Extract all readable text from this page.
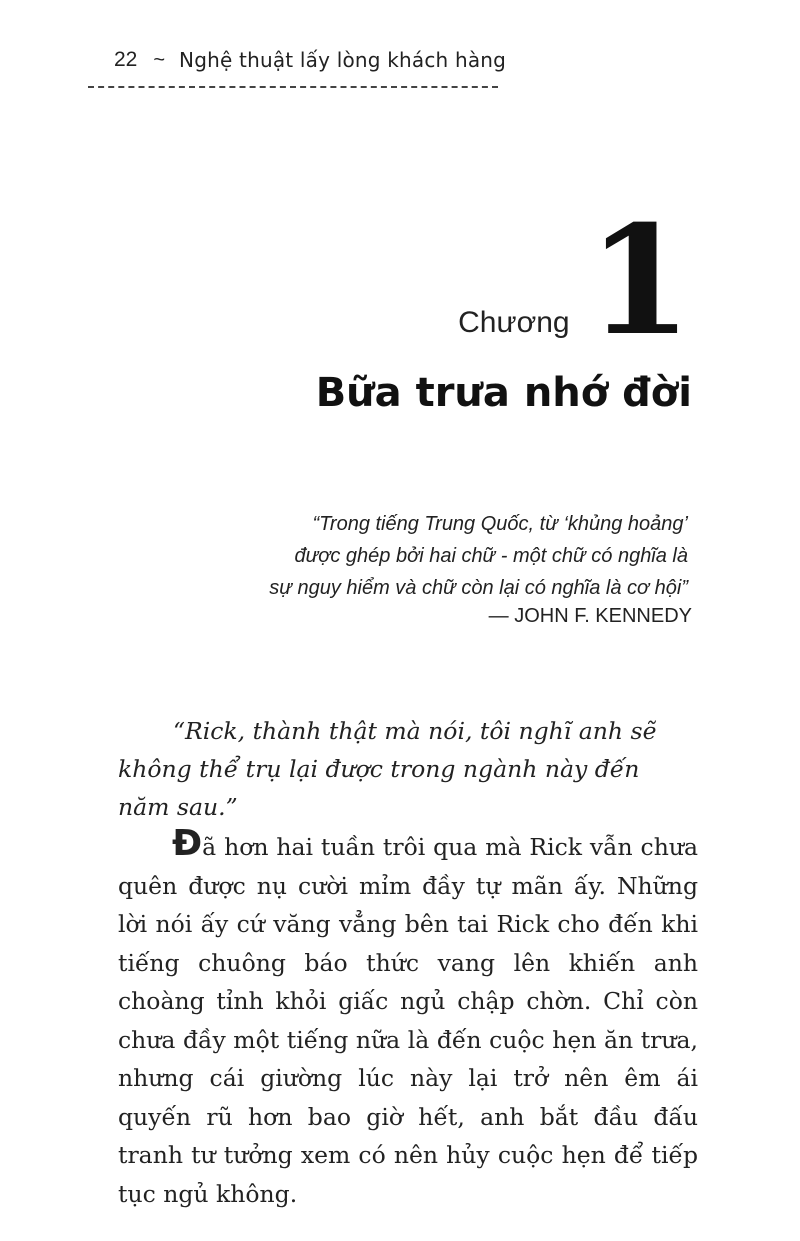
22 ~ Nghệ thuật lấy lòng khách hàng
Chương 1
Bữa trưa nhớ đời
“Trong tiếng Trung Quốc, từ ‘khủng hoảng’
được ghép bởi hai chữ - một chữ có nghĩa là
sự nguy hiểm và chữ còn lại có nghĩa là cơ hội”
— JOHN F. KENNEDY
“Rick, thành thật mà nói, tôi nghĩ anh sẽ không thể trụ lại được trong ngành này đến năm sau.”
Đã hơn hai tuần trôi qua mà Rick vẫn chưa quên được nụ cười mỉm đầy tự mãn ấy. Những lời nói ấy cứ văng vẳng bên tai Rick cho đến khi tiếng chuông báo thức vang lên khiến anh choàng tỉnh khỏi giấc ngủ chập chờn. Chỉ còn chưa đầy một tiếng nữa là đến cuộc hẹn ăn trưa, nhưng cái giường lúc này lại trở nên êm ái quyến rũ hơn bao giờ hết, anh bắt đầu đấu tranh tư tưởng xem có nên hủy cuộc hẹn để tiếp tục ngủ không.
